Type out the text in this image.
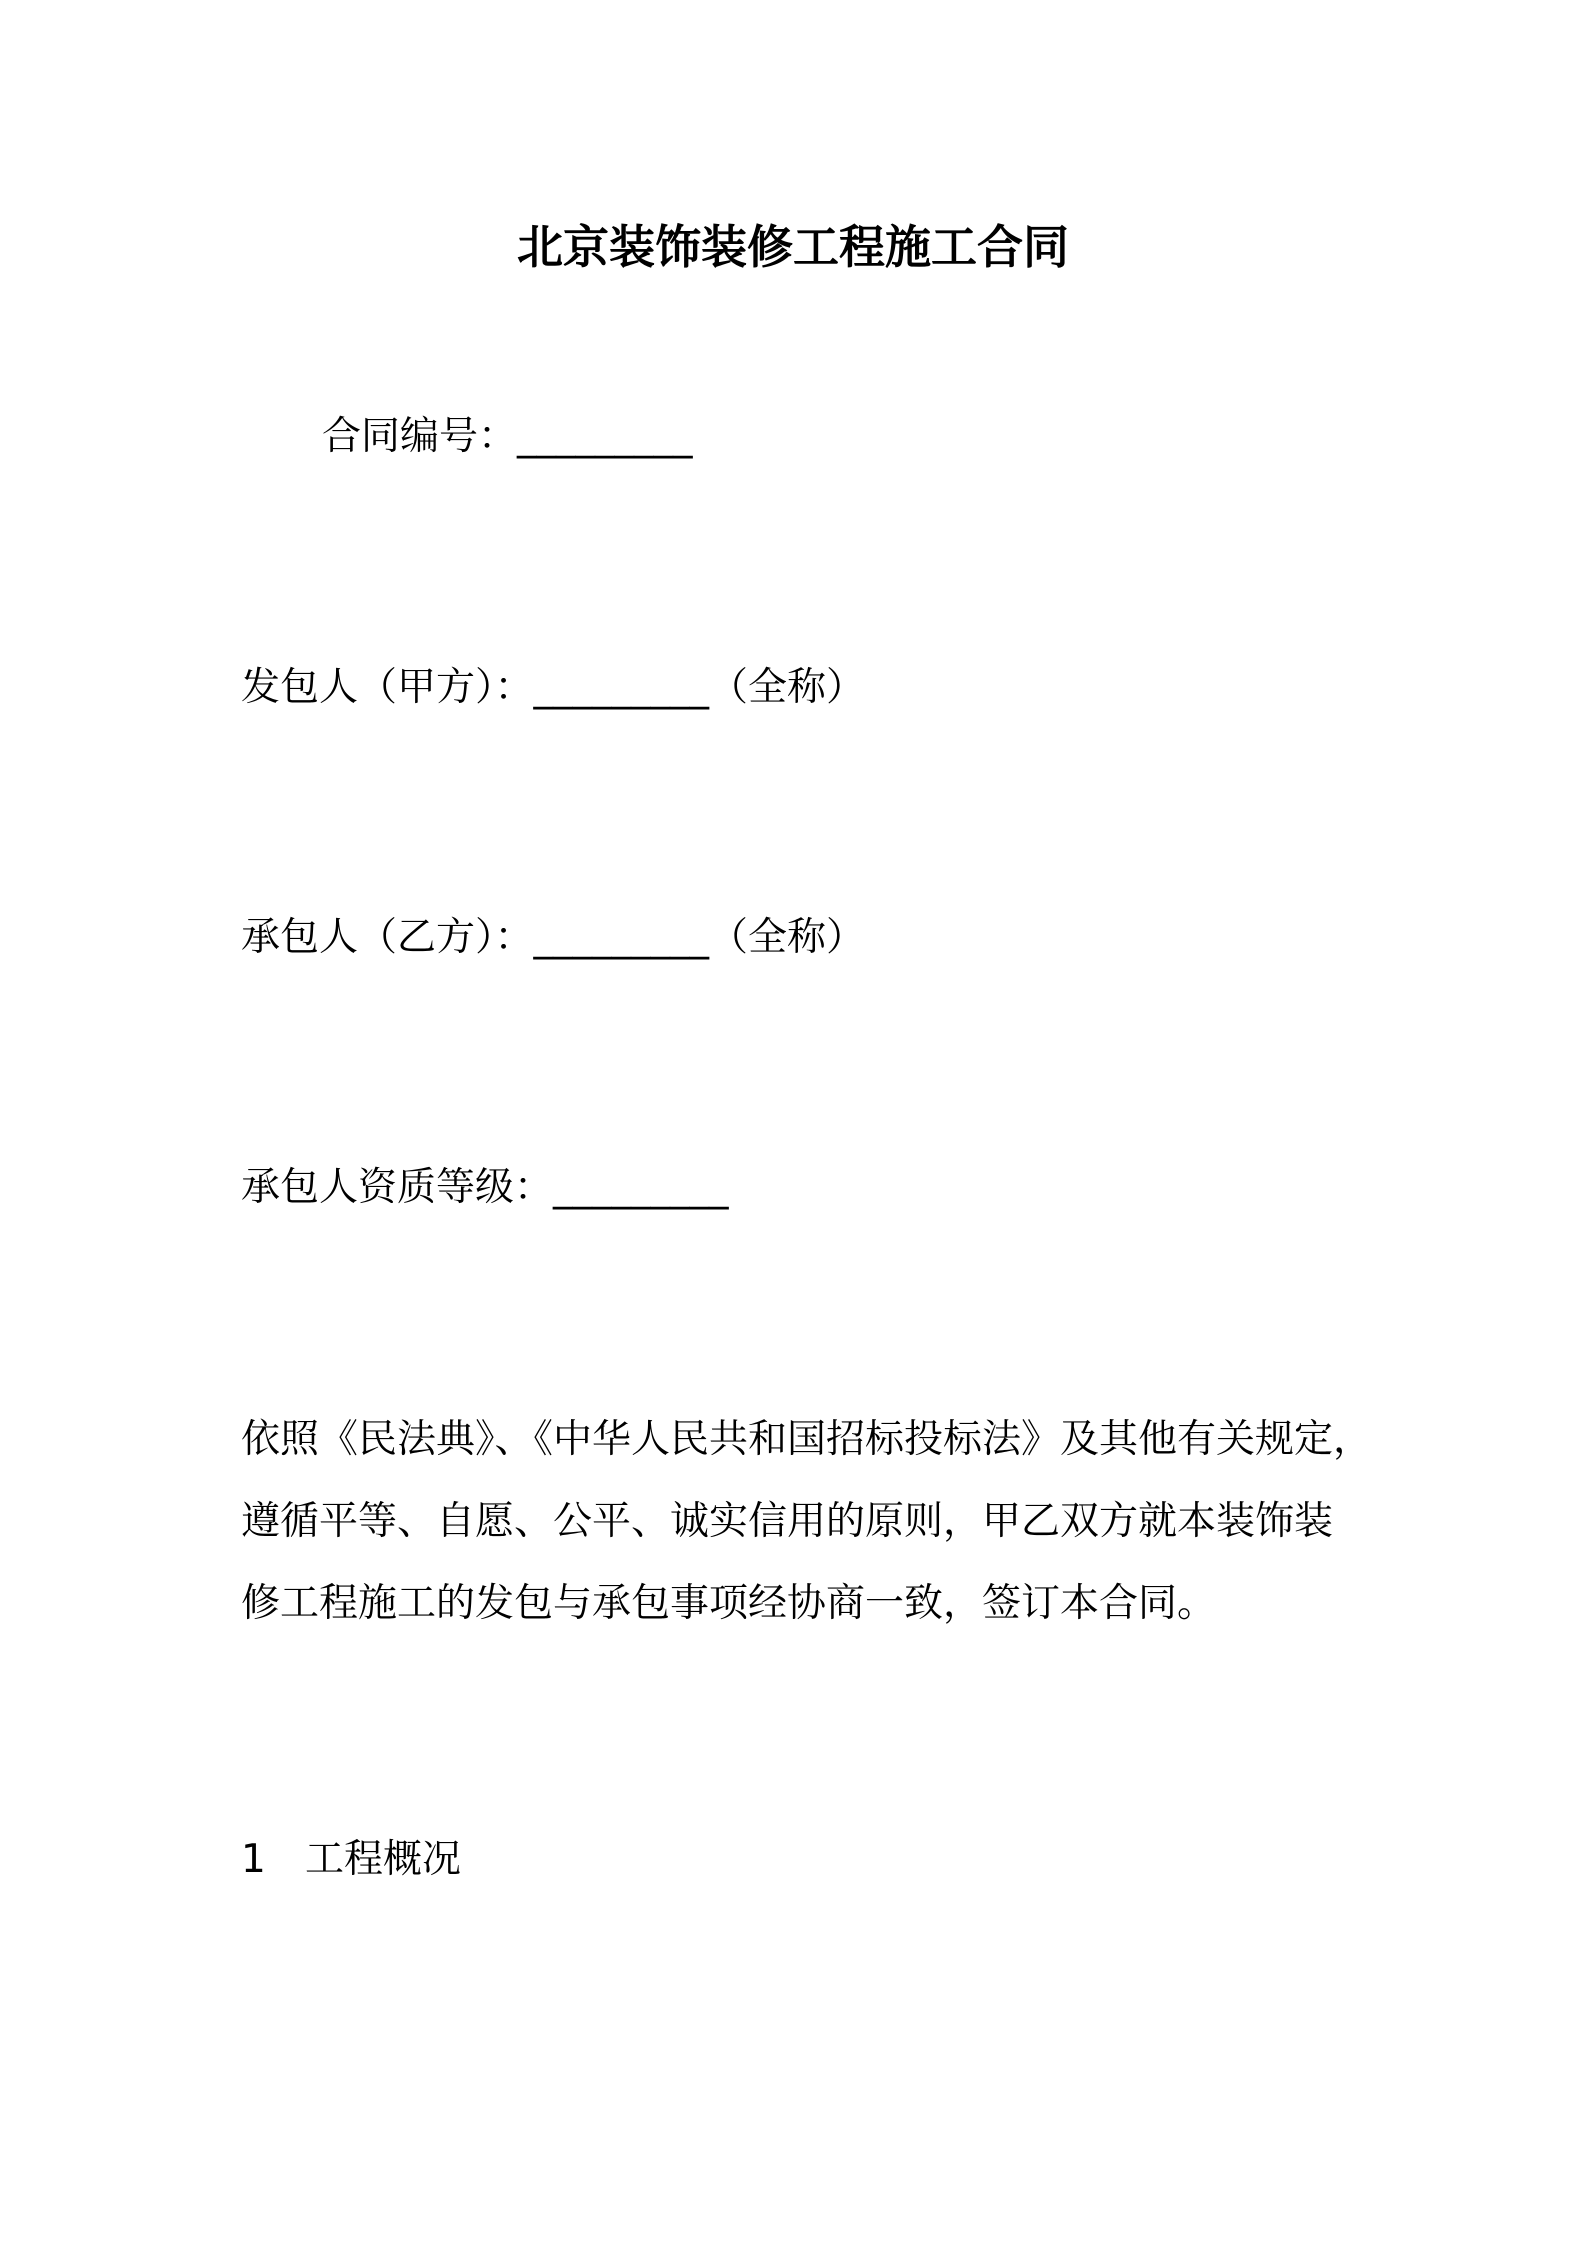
北京装饰装修工程施工合同
合同编号：_________
发包人（甲方）：_________（全称）
承包人（乙方）：_________（全称）
承包人资质等级：_________
依照《民法典》、《中华人民共和国招标投标法》及其他有关规定，
遵循平等、自愿、公平、诚实信用的原则，甲乙双方就本装饰装
修工程施工的发包与承包事项经协商一致，签订本合同。
1 工程概况
